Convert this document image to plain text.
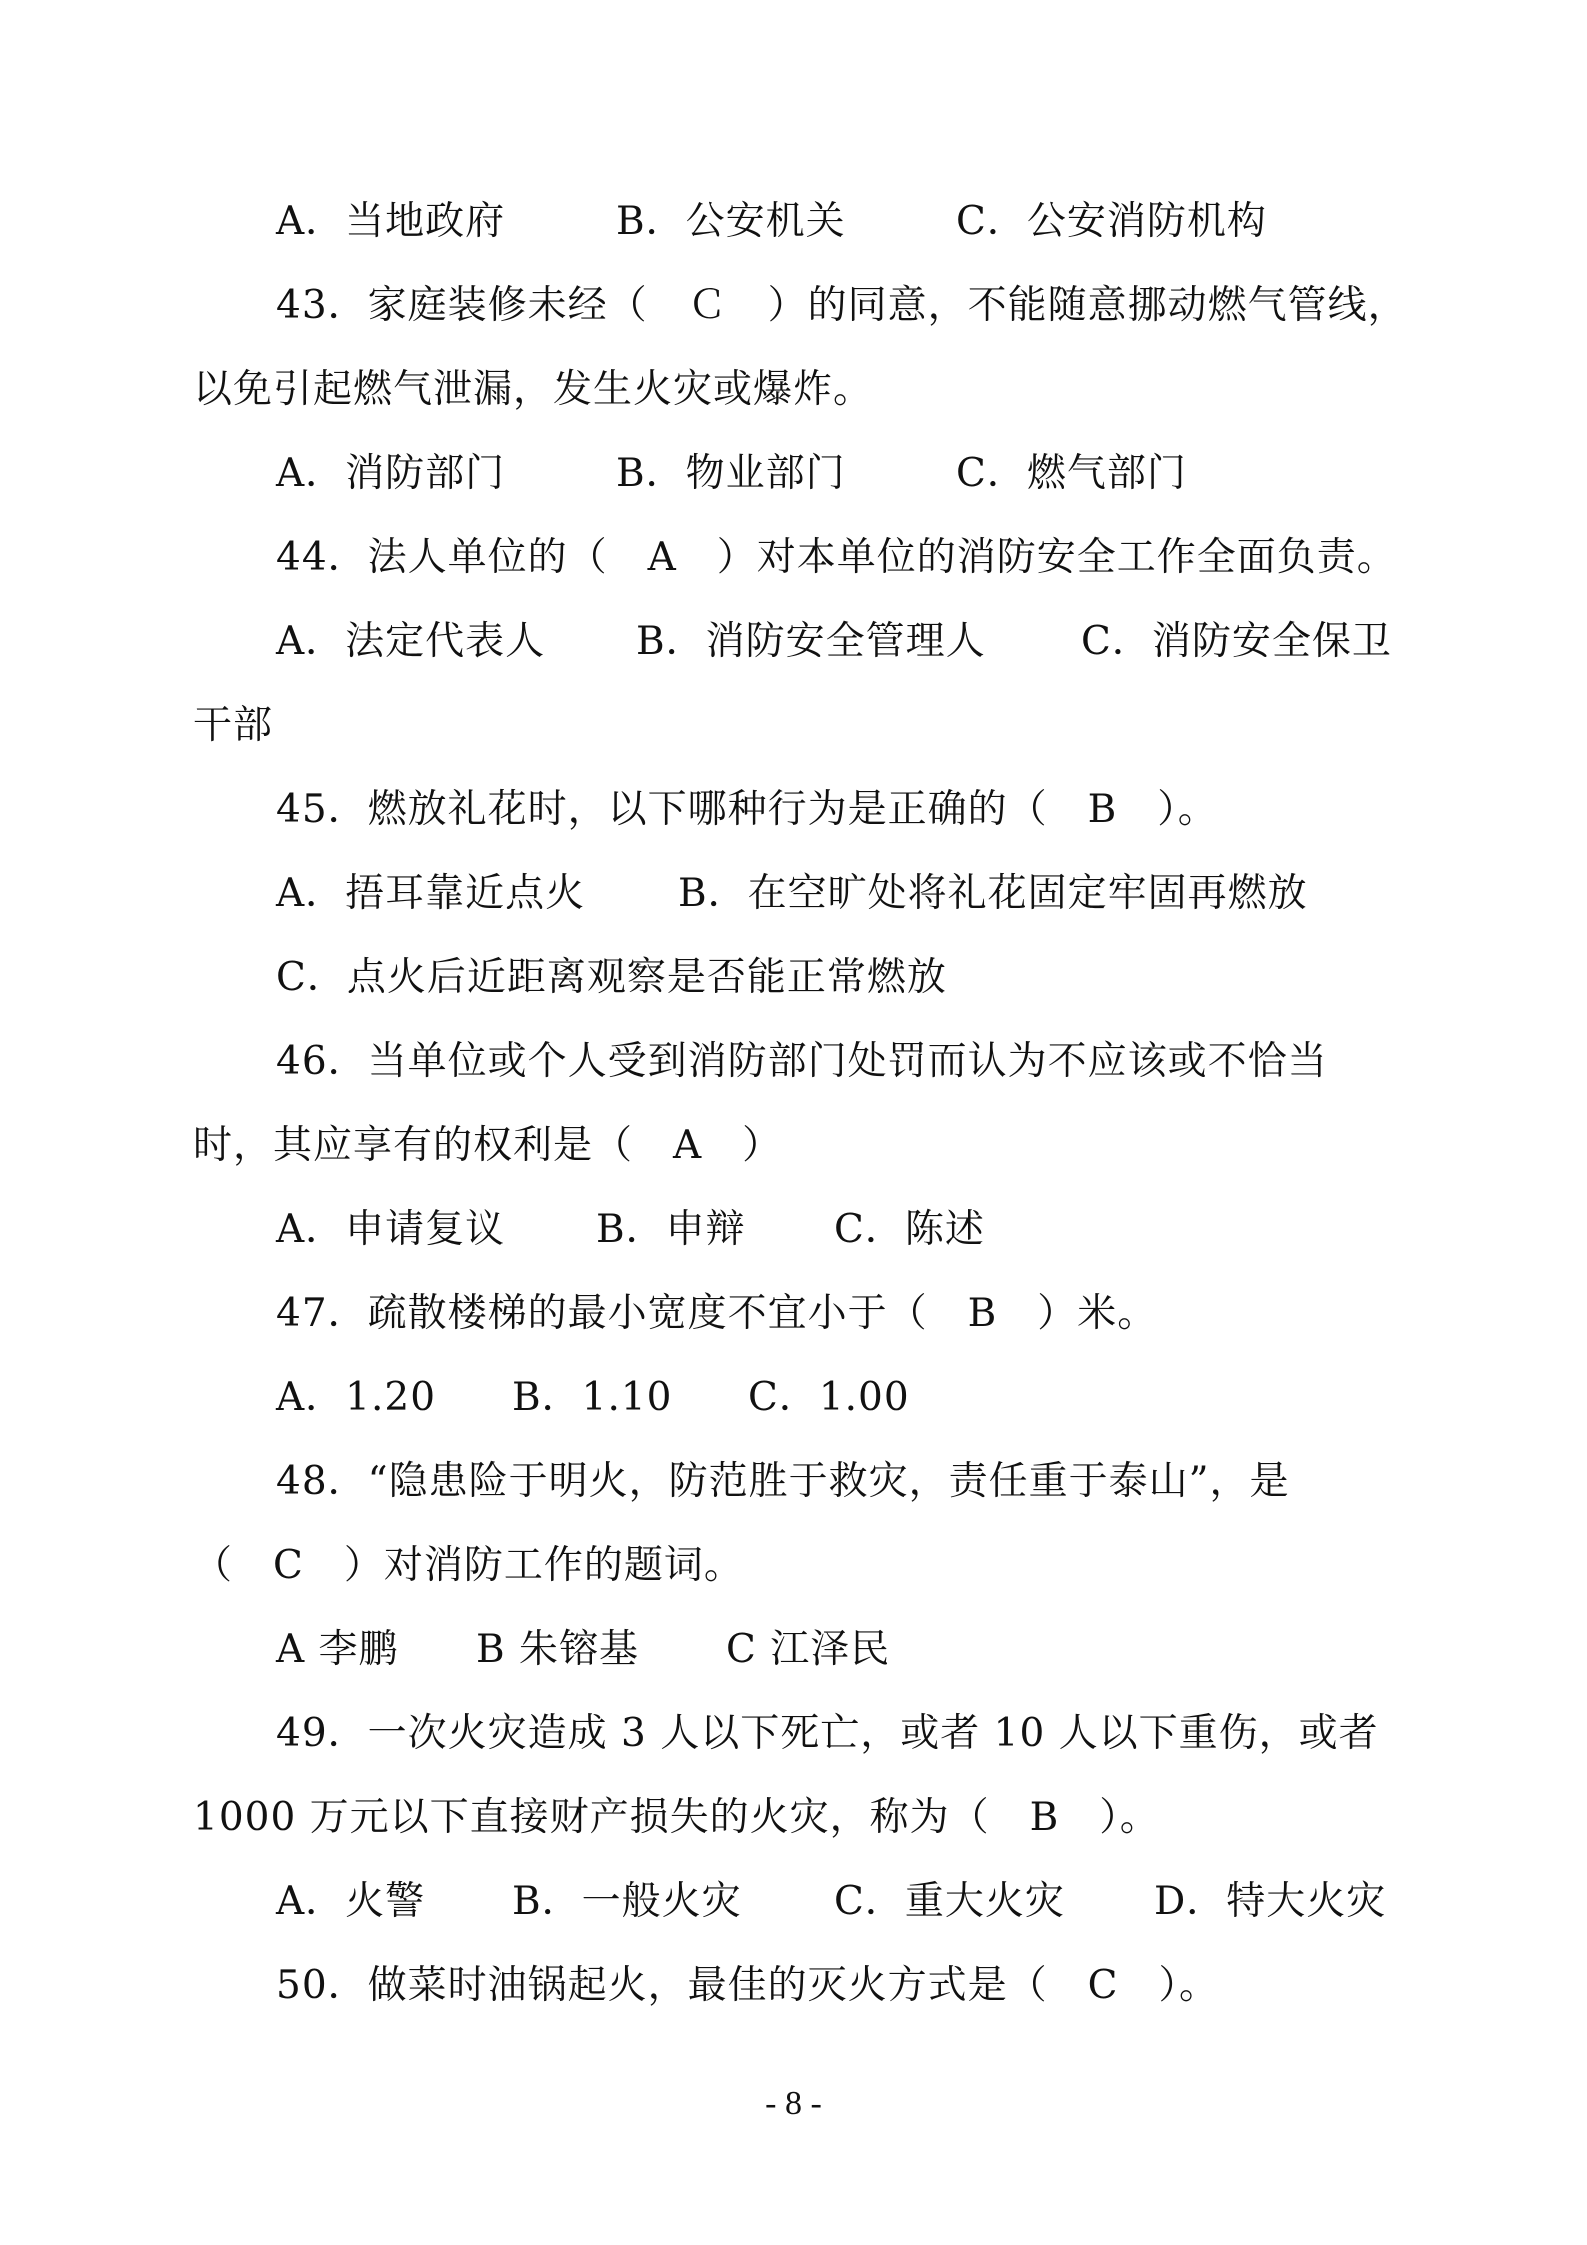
A．当地政府	B．公安机关	C．公安消防机构
43．家庭装修未经（　Ｃ　）的同意，不能随意挪动燃气管线，
以免引起燃气泄漏，发生火灾或爆炸。
A．消防部门	B．物业部门	C．燃气部门
44．法人单位的（　A　）对本单位的消防安全工作全面负责。
A．法定代表人 B．消防安全管理人 C．消防安全保卫
干部
45．燃放礼花时，以下哪种行为是正确的（　B　）。
A．捂耳靠近点火 B．在空旷处将礼花固定牢固再燃放
C．点火后近距离观察是否能正常燃放
46．当单位或个人受到消防部门处罚而认为不应该或不恰当
时，其应享有的权利是（　A　）
A．申请复议 B．申辩 C．陈述
47．疏散楼梯的最小宽度不宜小于（　B　）米。
A．1.20 B．1.10 C．1.00
48．“隐患险于明火，防范胜于救灾，责任重于泰山”，是
（　C　）对消防工作的题词。
A 李鹏 B 朱镕基 C 江泽民
49．一次火灾造成 3 人以下死亡，或者 10 人以下重伤，或者
1000 万元以下直接财产损失的火灾，称为（　B　）。
A．火警 B．一般火灾 C．重大火灾 D．特大火灾
50．做菜时油锅起火，最佳的灭火方式是（　C　）。
- 8 -
